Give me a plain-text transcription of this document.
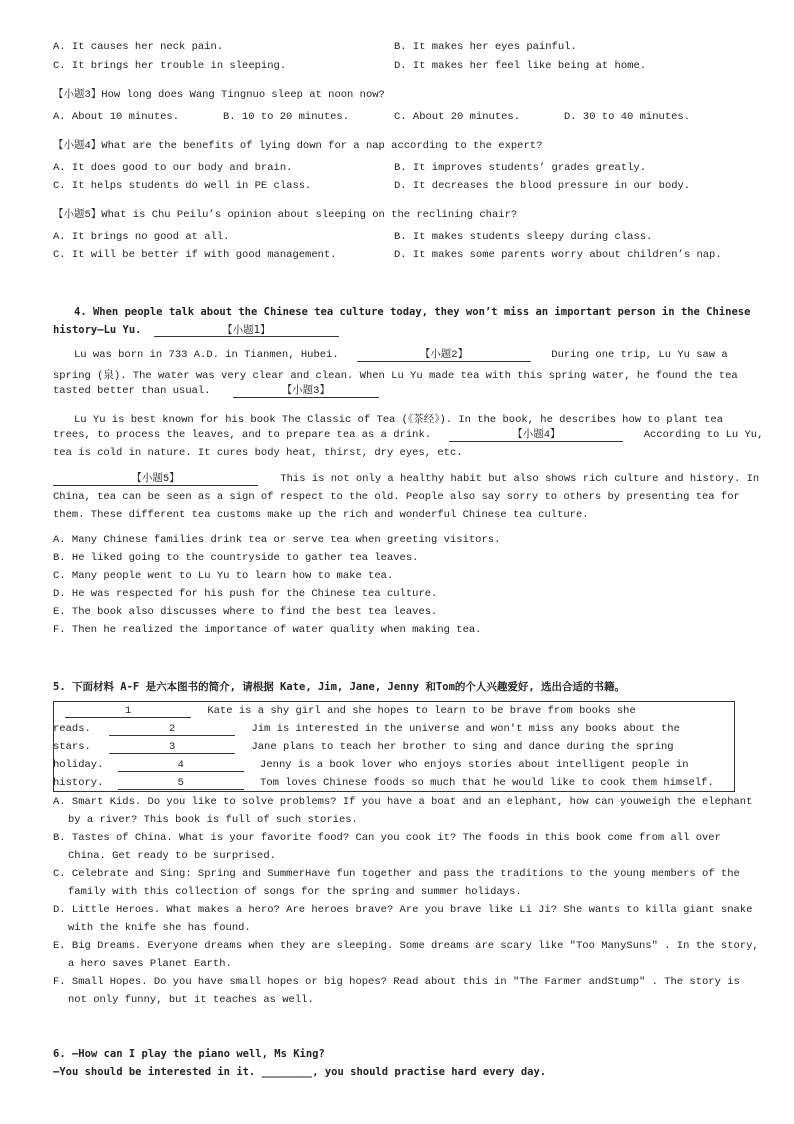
A. It causes her neck pain.	B. It makes her eyes painful.
C. It brings her trouble in sleeping.	D. It makes her feel like being at home.
【小题3】How long does Wang Tingnuo sleep at noon now?
A. About 10 minutes.	B. 10 to 20 minutes.	C. About 20 minutes.	D. 30 to 40 minutes.
【小题4】What are the benefits of lying down for a nap according to the expert?
A. It does good to our body and brain.	B. It improves students’ grades greatly.
C. It helps students do well in PE class.	D. It decreases the blood pressure in our body.
【小题5】What is Chu Peilu’s opinion about sleeping on the reclining chair?
A. It brings no good at all.	B. It makes students sleepy during class.
C. It will be better if with good management.	D. It makes some parents worry about children’s nap.
4. When people talk about the Chinese tea culture today, they won’t miss an important person in the Chinese
history—Lu Yu.	【小题1】
Lu was born in 733 A.D. in Tianmen, Hubei.	【小题2】	During one trip, Lu Yu saw a
spring (泉). The water was very clear and clean. When Lu Yu made tea with this spring water, he found the tea
tasted better than usual.	【小题3】
Lu Yu is best known for his book The Classic of Tea (《茶经》). In the book, he describes how to plant tea
trees, to process the leaves, and to prepare tea as a drink.	【小题4】	According to Lu Yu,
tea is cold in nature. It cures body heat, thirst, dry eyes, etc.
【小题5】	This is not only a healthy habit but also shows rich culture and history. In
China, tea can be seen as a sign of respect to the old. People also say sorry to others by presenting tea for
them. These different tea customs make up the rich and wonderful Chinese tea culture.
A. Many Chinese families drink tea or serve tea when greeting visitors.
B. He liked going to the countryside to gather tea leaves.
C. Many people went to Lu Yu to learn how to make tea.
D. He was respected for his push for the Chinese tea culture.
E. The book also discusses where to find the best tea leaves.
F. Then he realized the importance of water quality when making tea.
5. 下面材料 A-F 是六本图书的简介, 请根据 Kate, Jim, Jane, Jenny 和Tom的个人兴趣爱好, 选出合适的书籍。
1	Kate is a shy girl and she hopes to learn to be brave from books she
reads.	2	Jim is interested in the universe and won't miss any books about the
stars.	3	Jane plans to teach her brother to sing and dance during the spring
holiday.	4	Jenny is a book lover who enjoys stories about intelligent people in
history.	5	Tom loves Chinese foods so much that he would like to cook them himself.
A. Smart Kids. Do you like to solve problems? If you have a boat and an elephant, how can youweigh the elephant
by a river? This book is full of such stories.
B. Tastes of China. What is your favorite food? Can you cook it? The foods in this book come from all over
China. Get ready to be surprised.
C. Celebrate and Sing: Spring and SummerHave fun together and pass the traditions to the young members of the
family with this collection of songs for the spring and summer holidays.
D. Little Heroes. What makes a hero? Are heroes brave? Are you brave like Li Ji? She wants to killa giant snake
with the knife she has found.
E. Big Dreams. Everyone dreams when they are sleeping. Some dreams are scary like "Too ManySuns" . In the story,
a hero saves Planet Earth.
F. Small Hopes. Do you have small hopes or big hopes? Read about this in "The Farmer andStump" . The story is
not only funny, but it teaches as well.
6. —How can I play the piano well, Ms King?
—You should be interested in it. ________, you should practise hard every day.
